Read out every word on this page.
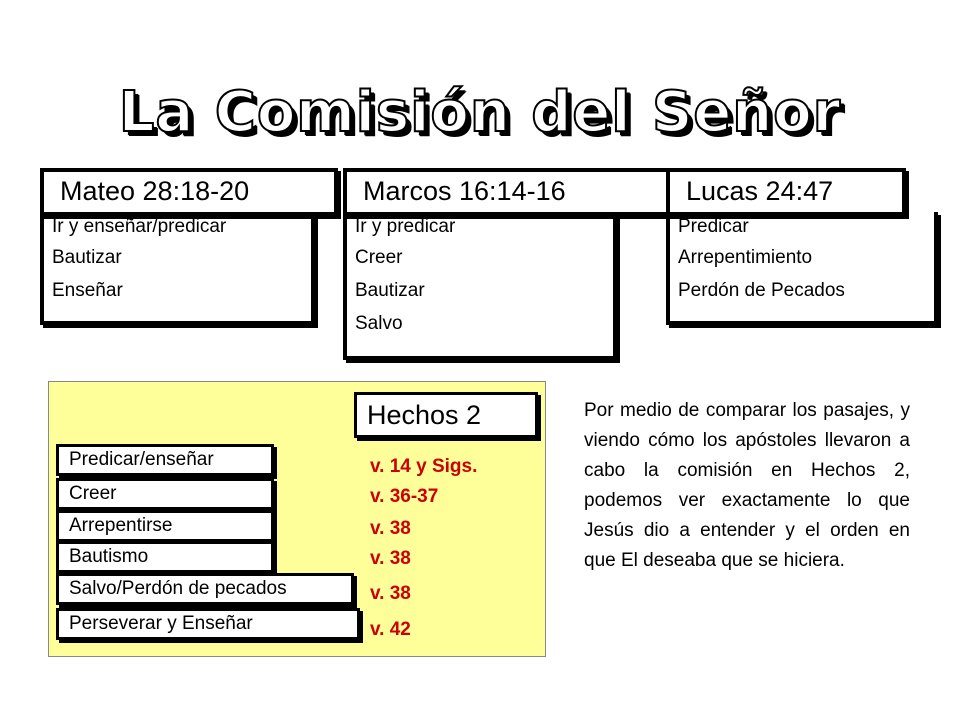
La Comisión del Señor
Ir y enseñar/predicar
Bautizar
Enseñar
Mateo 28:18-20
Ir y predicar
Creer
Bautizar
Salvo
Marcos 16:14-16
Predicar
Arrepentimiento
Perdón de Pecados
Lucas 24:47
Hechos 2
Predicar/enseñar
Creer
Arrepentirse
Bautismo
Salvo/Perdón de pecados
Perseverar y Enseñar
v. 14 y Sigs.
v. 36-37
v. 38
v. 38
v. 38
v. 42
Por medio de comparar los pasajes, y viendo cómo los apóstoles llevaron a cabo la comisión en Hechos 2, podemos ver exactamente lo que Jesús dio a entender y el orden en que El deseaba que se hiciera.
